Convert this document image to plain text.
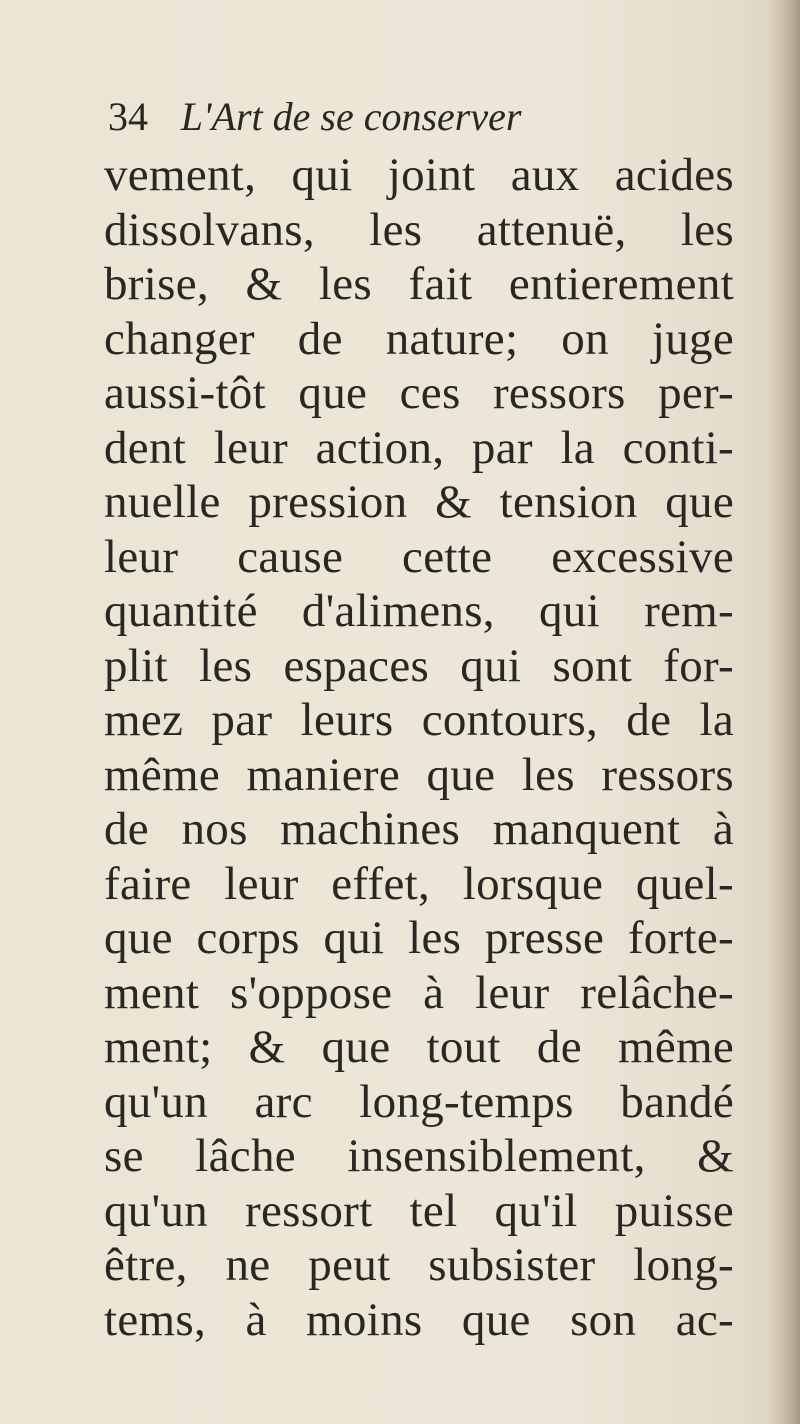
34 L'Art de se conserver
vement, qui joint aux acides
dissolvans, les attenuë, les
brise, & les fait entierement
changer de nature; on juge
aussi-tôt que ces ressors per-
dent leur action, par la conti-
nuelle pression & tension que
leur cause cette excessive
quantité d'alimens, qui rem-
plit les espaces qui sont for-
mez par leurs contours, de la
même maniere que les ressors
de nos machines manquent à
faire leur effet, lorsque quel-
que corps qui les presse forte-
ment s'oppose à leur relâche-
ment; & que tout de même
qu'un arc long-temps bandé
se lâche insensiblement, &
qu'un ressort tel qu'il puisse
être, ne peut subsister long-
tems, à moins que son ac-
